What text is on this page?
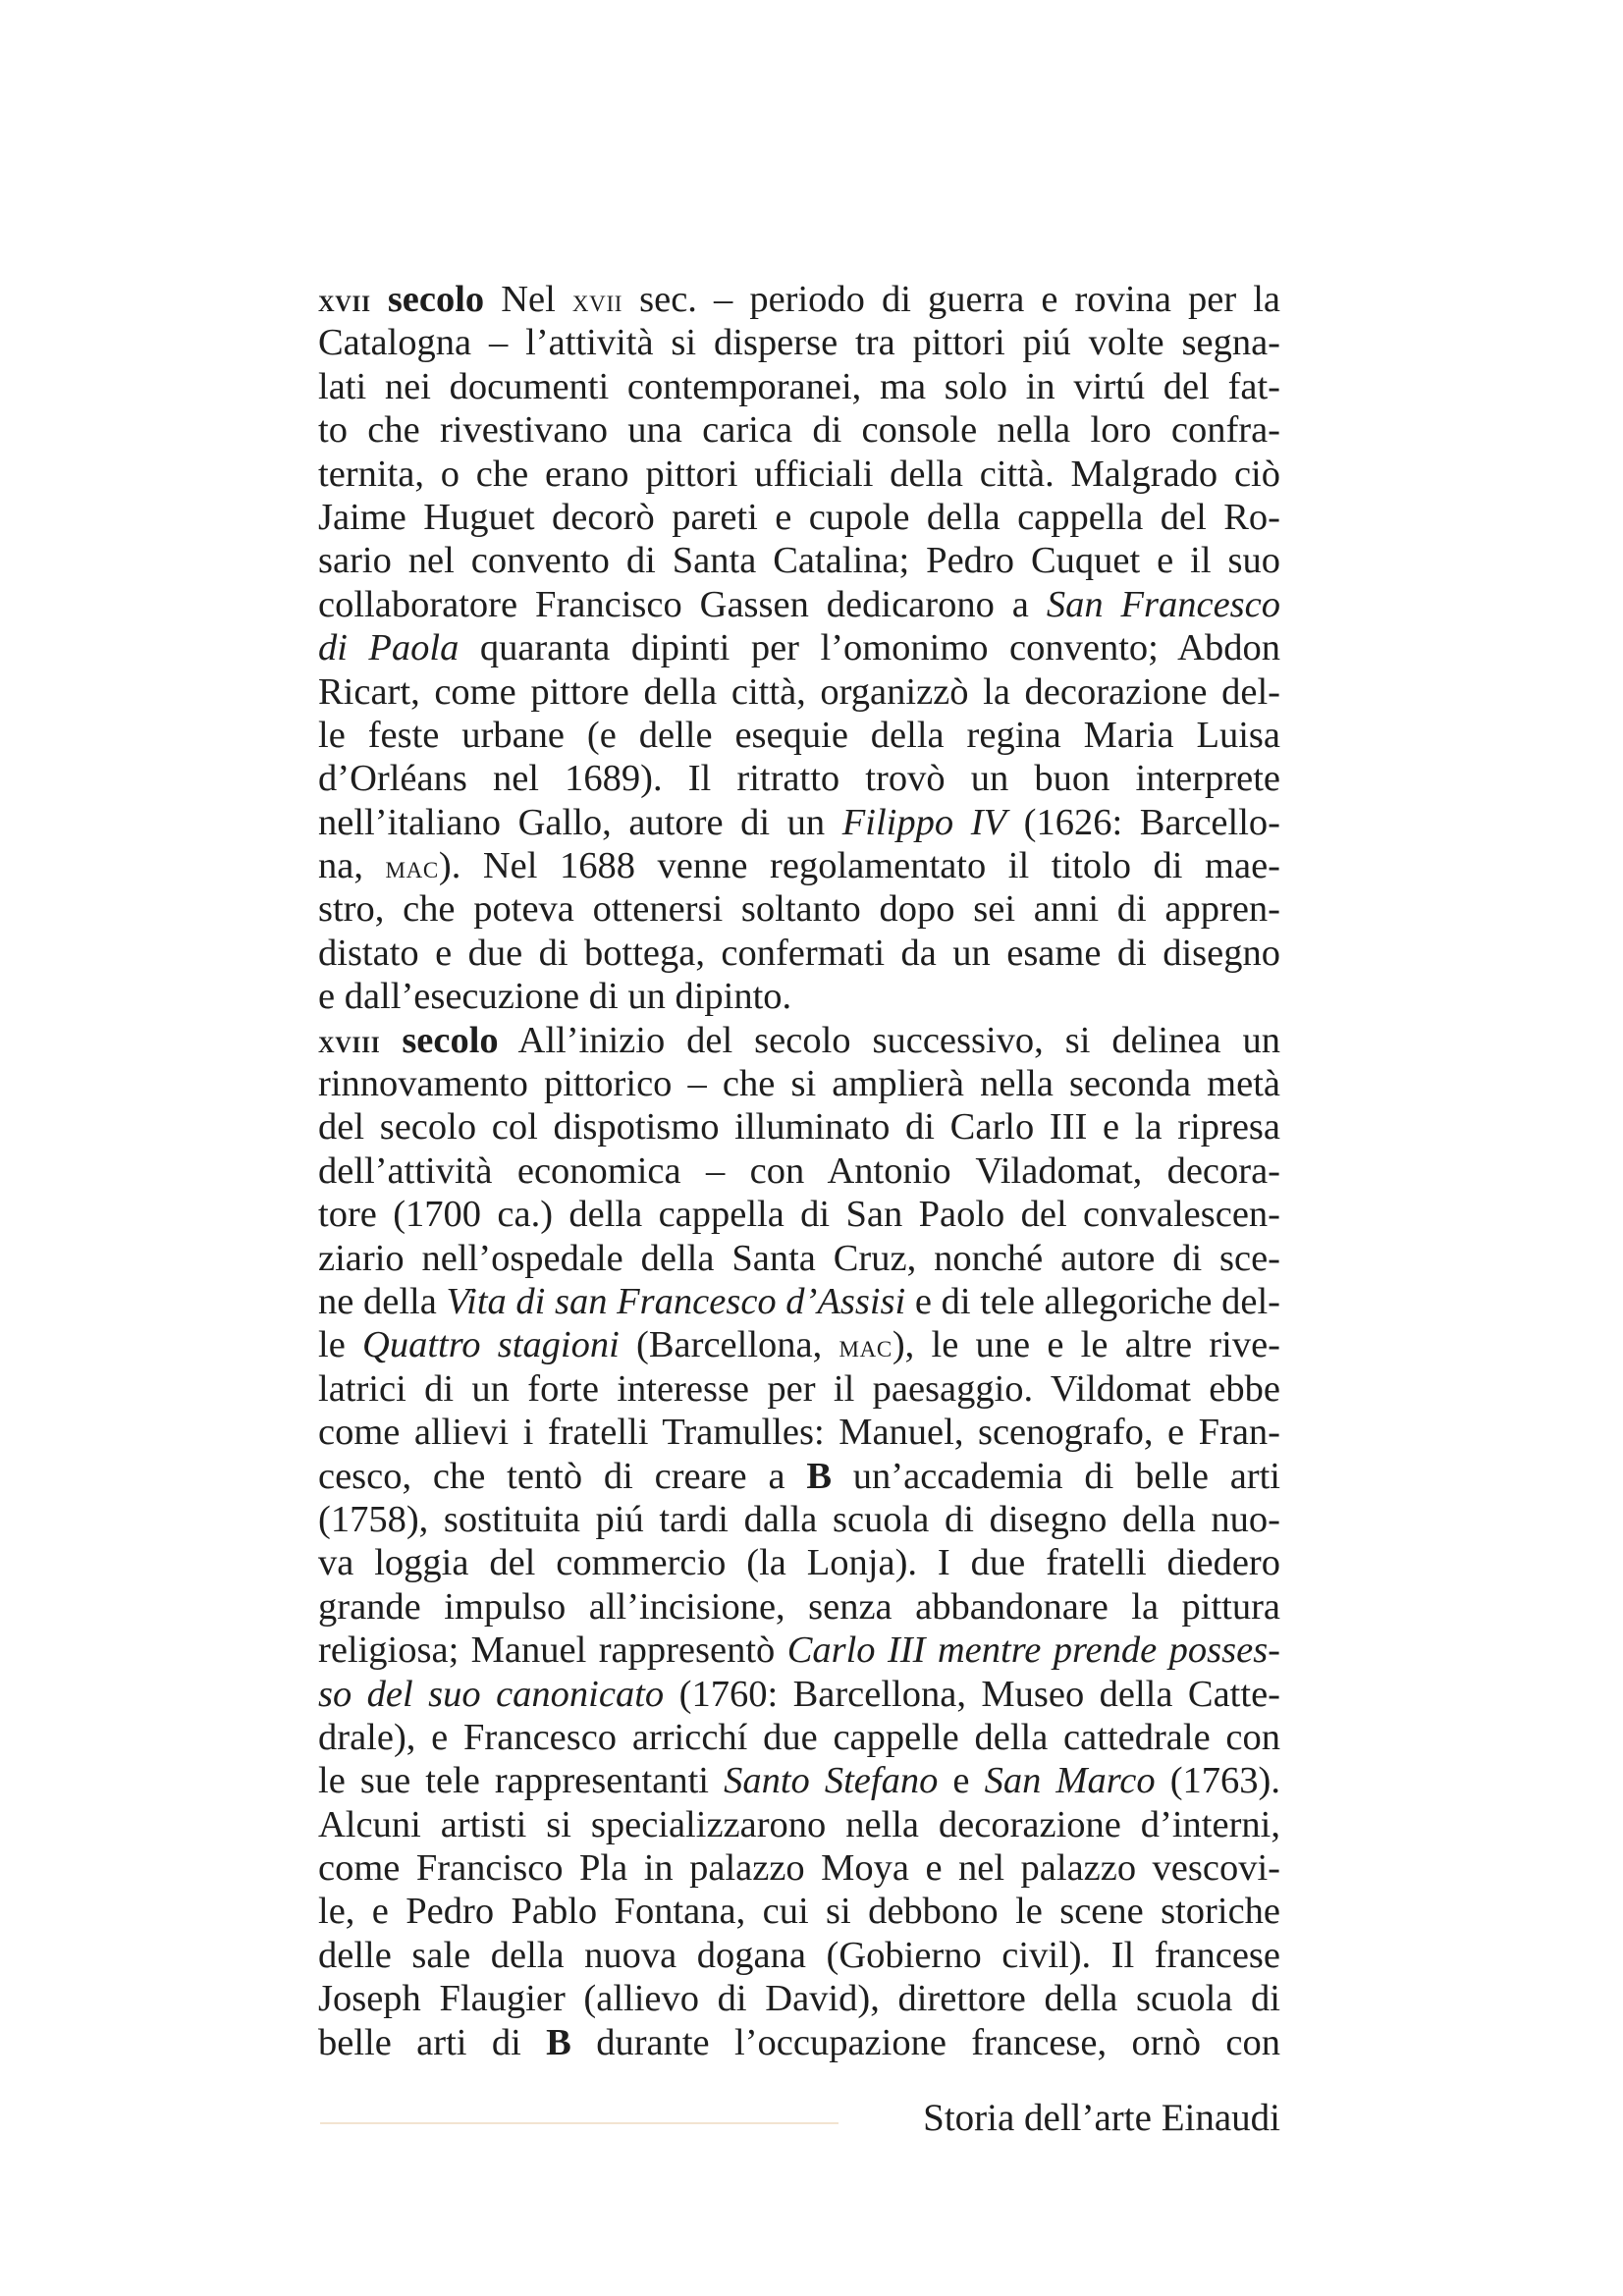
xvii secolo Nel xvii sec. – periodo di guerra e rovina per la
Catalogna – l’attività si disperse tra pittori piú volte segna-
lati nei documenti contemporanei, ma solo in virtú del fat-
to che rivestivano una carica di console nella loro confra-
ternita, o che erano pittori ufficiali della città. Malgrado ciò
Jaime Huguet decorò pareti e cupole della cappella del Ro-
sario nel convento di Santa Catalina; Pedro Cuquet e il suo
collaboratore Francisco Gassen dedicarono a San Francesco
di Paola quaranta dipinti per l’omonimo convento; Abdon
Ricart, come pittore della città, organizzò la decorazione del-
le feste urbane (e delle esequie della regina Maria Luisa
d’Orléans nel 1689). Il ritratto trovò un buon interprete
nell’italiano Gallo, autore di un Filippo IV (1626: Barcello-
na, mac). Nel 1688 venne regolamentato il titolo di mae-
stro, che poteva ottenersi soltanto dopo sei anni di appren-
distato e due di bottega, confermati da un esame di disegno
e dall’esecuzione di un dipinto.
xviii secolo All’inizio del secolo successivo, si delinea un
rinnovamento pittorico – che si amplierà nella seconda metà
del secolo col dispotismo illuminato di Carlo III e la ripresa
dell’attività economica – con Antonio Viladomat, decora-
tore (1700 ca.) della cappella di San Paolo del convalescen-
ziario nell’ospedale della Santa Cruz, nonché autore di sce-
ne della Vita di san Francesco d’Assisi e di tele allegoriche del-
le Quattro stagioni (Barcellona, mac), le une e le altre rive-
latrici di un forte interesse per il paesaggio. Vildomat ebbe
come allievi i fratelli Tramulles: Manuel, scenografo, e Fran-
cesco, che tentò di creare a B un’accademia di belle arti
(1758), sostituita piú tardi dalla scuola di disegno della nuo-
va loggia del commercio (la Lonja). I due fratelli diedero
grande impulso all’incisione, senza abbandonare la pittura
religiosa; Manuel rappresentò Carlo III mentre prende posses-
so del suo canonicato (1760: Barcellona, Museo della Catte-
drale), e Francesco arricchí due cappelle della cattedrale con
le sue tele rappresentanti Santo Stefano e San Marco (1763).
Alcuni artisti si specializzarono nella decorazione d’interni,
come Francisco Pla in palazzo Moya e nel palazzo vescovi-
le, e Pedro Pablo Fontana, cui si debbono le scene storiche
delle sale della nuova dogana (Gobierno civil). Il francese
Joseph Flaugier (allievo di David), direttore della scuola di
belle arti di B durante l’occupazione francese, ornò con
Storia dell’arte Einaudi
